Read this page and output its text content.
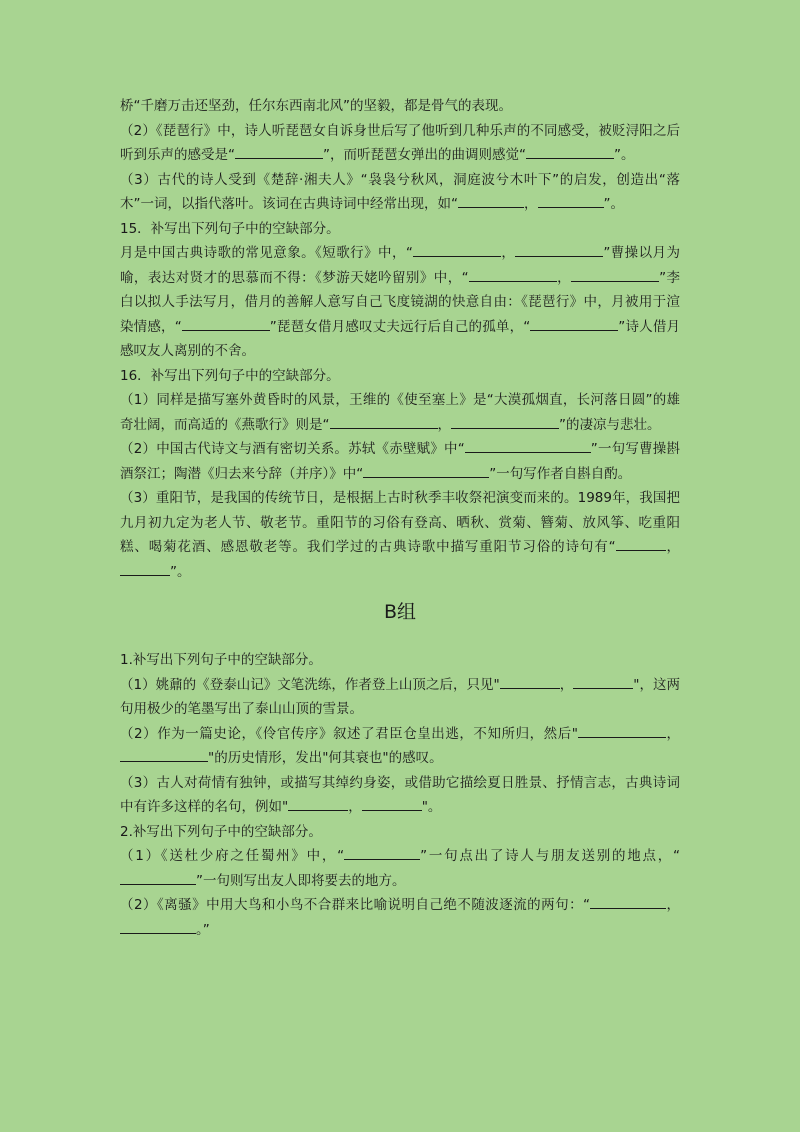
桥“千磨万击还坚劲，任尔东西南北风”的坚毅，都是骨气的表现。

（2）《琵琶行》中，诗人听琵琶女自诉身世后写了他听到几种乐声的不同感受，被贬浔阳之后听到乐声的感受是“	”，而听琵琶女弹出的曲调则感觉“	”。

（3）古代的诗人受到《楚辞·湘夫人》“袅袅兮秋风，洞庭波兮木叶下”的启发，创造出“落木”一词，以指代落叶。该词在古典诗词中经常出现，如“	，	”。

15．补写出下列句子中的空缺部分。

月是中国古典诗歌的常见意象。《短歌行》中，“	，	”曹操以月为喻，表达对贤才的思慕而不得：《梦游天姥吟留别》中，“	，	”李白以拟人手法写月，借月的善解人意写自己飞度镜湖的快意自由：《琵琶行》中，月被用于渲染情感，“	”琵琶女借月感叹丈夫远行后自己的孤单，“	”诗人借月感叹友人离别的不舍。

16．补写出下列句子中的空缺部分。

（1）同样是描写塞外黄昏时的风景，王维的《使至塞上》是“大漠孤烟直，长河落日圆”的雄奇壮阔，而高适的《燕歌行》则是“	，	”的凄凉与悲壮。

（2）中国古代诗文与酒有密切关系。苏轼《赤壁赋》中“	”一句写曹操斟酒祭江；陶潜《归去来兮辞（并序）》中“	”一句写作者自斟自酌。

（3）重阳节，是我国的传统节日，是根据上古时秋季丰收祭祀演变而来的。1989年，我国把九月初九定为老人节、敬老节。重阳节的习俗有登高、晒秋、赏菊、簪菊、放风筝、吃重阳糕、喝菊花酒、感恩敬老等。我们学过的古典诗歌中描写重阳节习俗的诗句有“	，”。

B组

1.补写出下列句子中的空缺部分。

（1）姚鼐的《登泰山记》文笔洗练，作者登上山顶之后，只见"	，	"，这两句用极少的笔墨写出了泰山山顶的雪景。

（2）作为一篇史论，《伶官传序》叙述了君臣仓皇出逃，不知所归，然后"	，"的历史情形，发出"何其衰也"的感叹。

（3）古人对荷情有独钟，或描写其绰约身姿，或借助它描绘夏日胜景、抒情言志，古典诗词中有许多这样的名句，例如"	，	"。

2.补写出下列句子中的空缺部分。

（1）《送杜少府之任蜀州》中，“	”一句点出了诗人与朋友送别的地点，“”一句则写出友人即将要去的地方。

（2）《离骚》中用大鸟和小鸟不合群来比喻说明自己绝不随波逐流的两句：“	，。”
